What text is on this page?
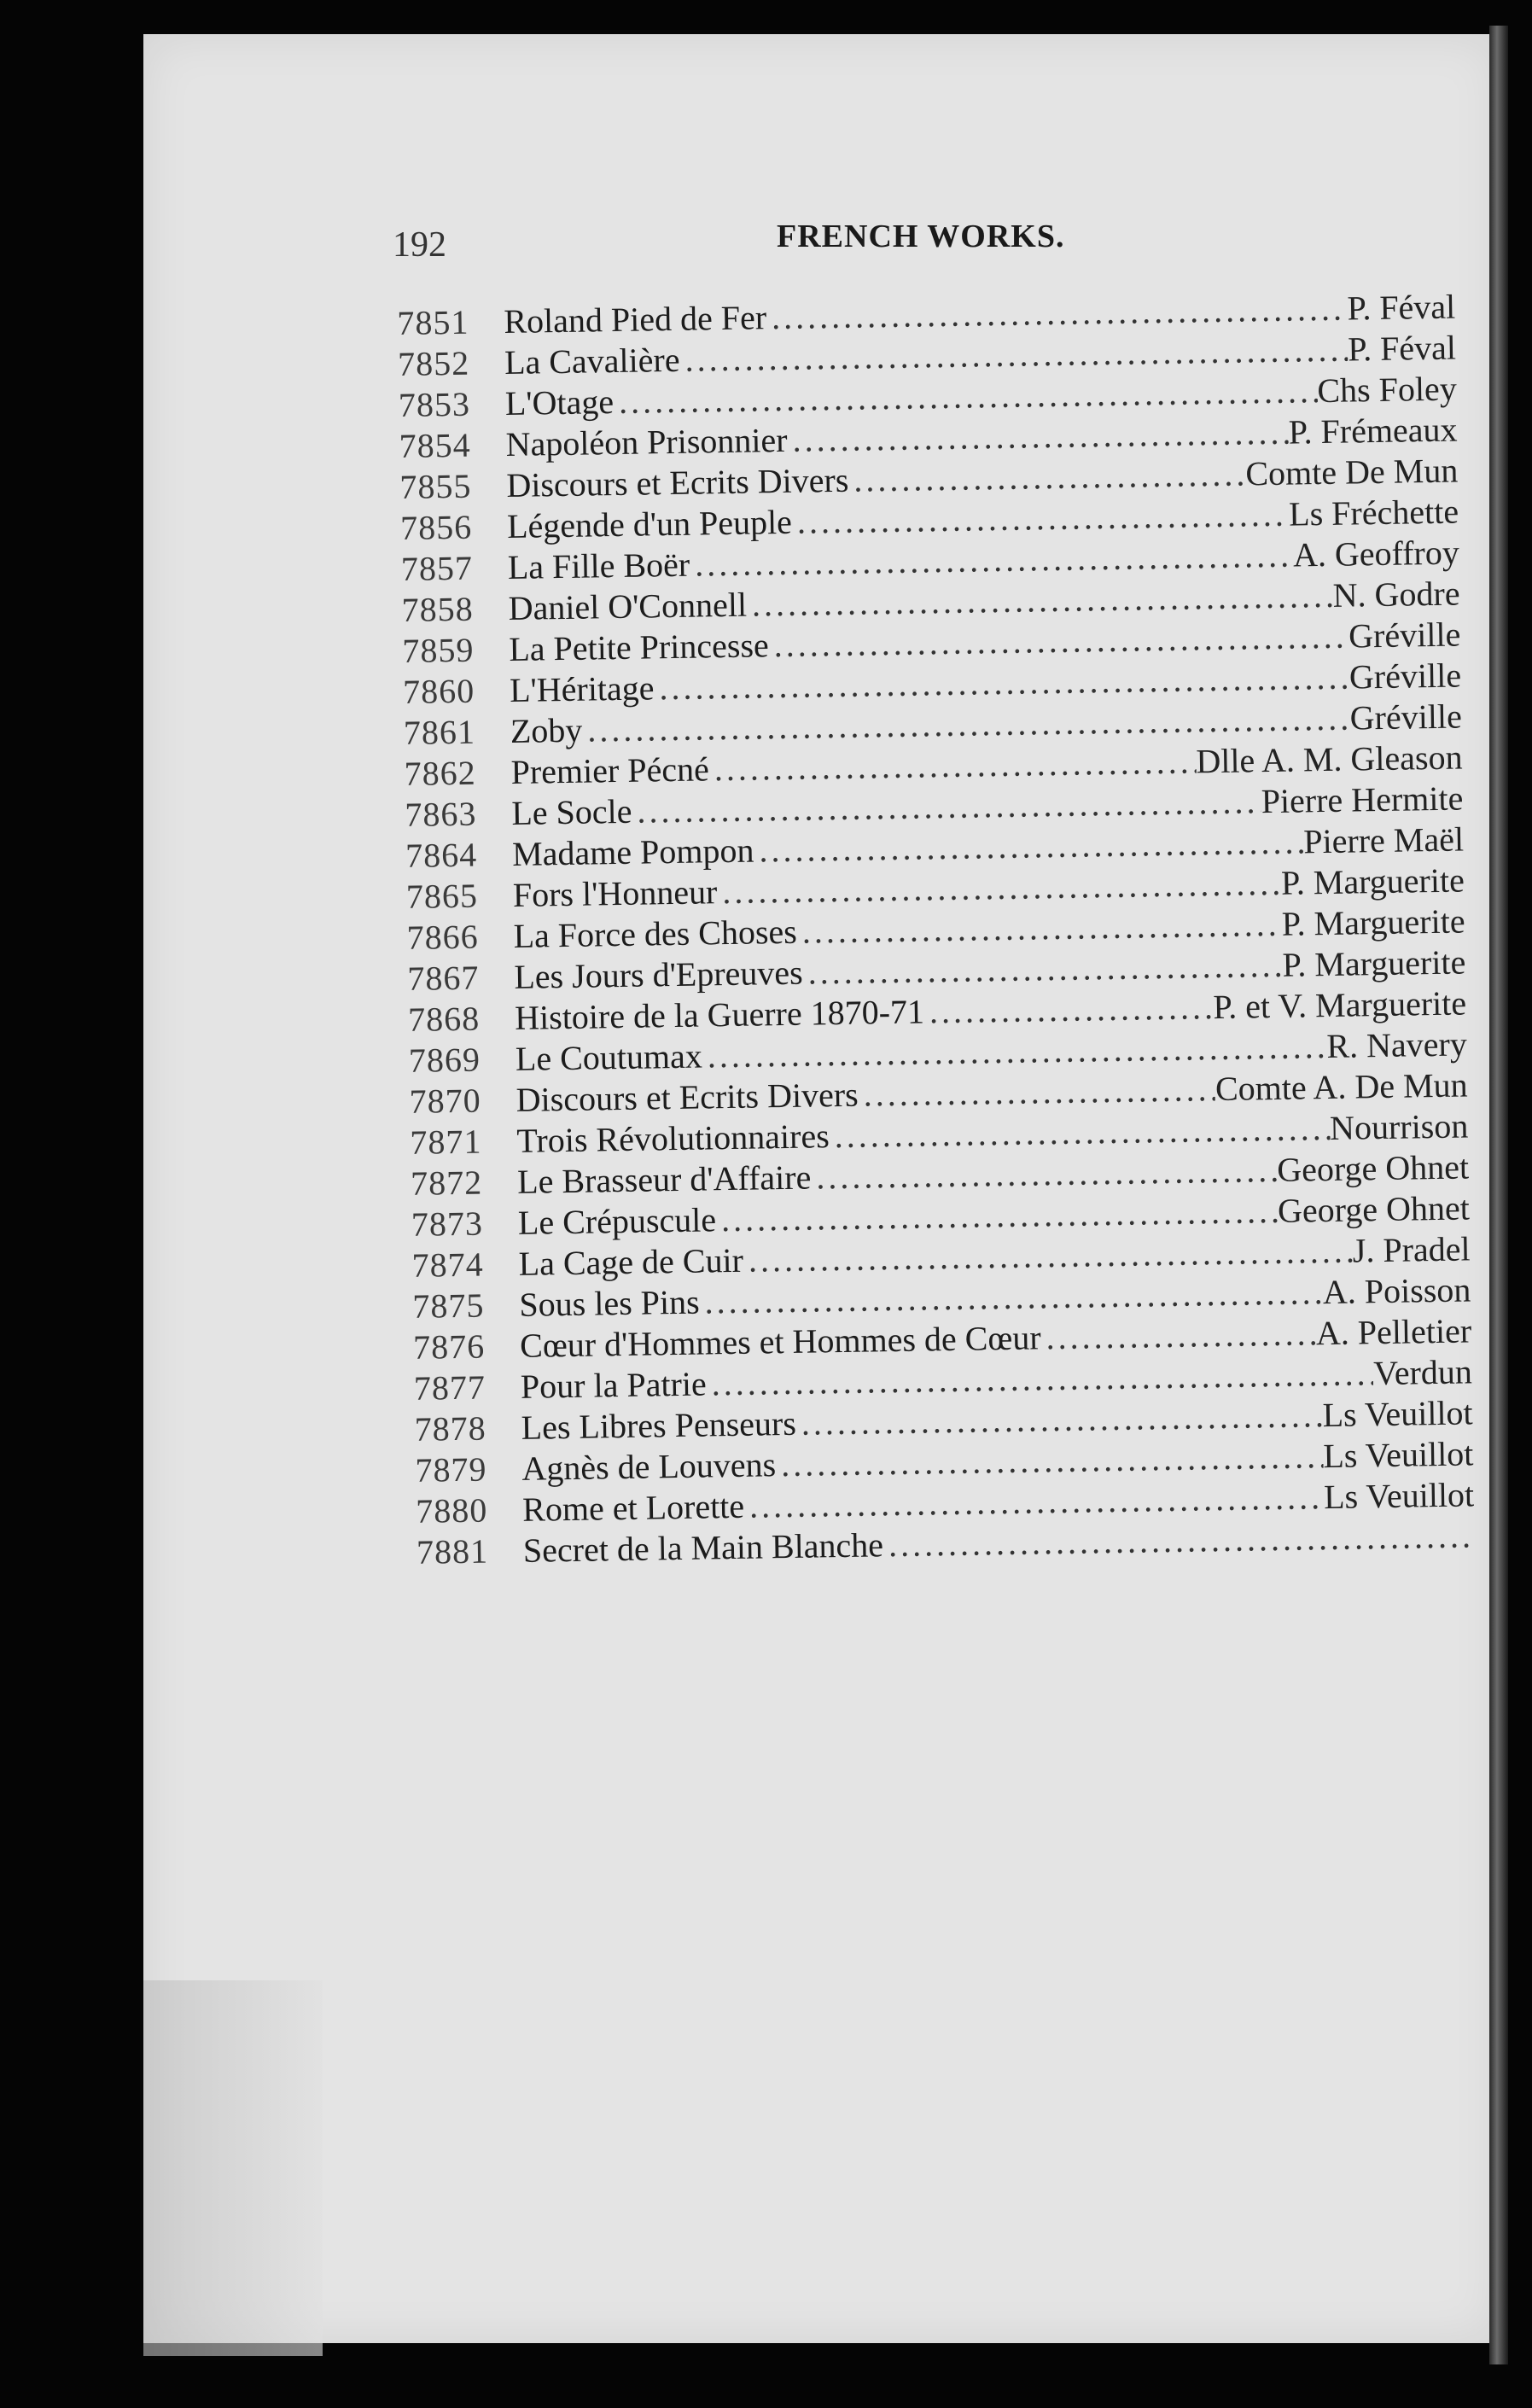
192	FRENCH WORKS.
7851	Roland Pied de Fer .....	P. Féval
7852	La Cavalière .....	P. Féval
7853	L'Otage .....	Chs Foley
7854	Napoléon Prisonnier .....	P. Frémeaux
7855	Discours et Ecrits Divers .....	Comte De Mun
7856	Légende d'un Peuple .....	Ls Fréchette
7857	La Fille Boër .....	A. Geoffroy
7858	Daniel O'Connell .....	N. Godre
7859	La Petite Princesse .....	Gréville
7860	L'Héritage .....	Gréville
7861	Zoby .....	Gréville
7862	Premier Pécné .....	Dlle A. M. Gleason
7863	Le Socle .....	Pierre Hermite
7864	Madame Pompon .....	Pierre Maël
7865	Fors l'Honneur .....	P. Marguerite
7866	La Force des Choses .....	P. Marguerite
7867	Les Jours d'Epreuves .....	P. Marguerite
7868	Histoire de la Guerre 1870-71 .....	P. et V. Marguerite
7869	Le Coutumax .....	R. Navery
7870	Discours et Ecrits Divers .....	Comte A. De Mun
7871	Trois Révolutionnaires .....	Nourrison
7872	Le Brasseur d'Affaire .....	George Ohnet
7873	Le Crépuscule .....	George Ohnet
7874	La Cage de Cuir .....	J. Pradel
7875	Sous les Pins .....	A. Poisson
7876	Cœur d'Hommes et Hommes de Cœur .....	A. Pelletier
7877	Pour la Patrie .....	Verdun
7878	Les Libres Penseurs .....	Ls Veuillot
7879	Agnès de Louvens .....	Ls Veuillot
7880	Rome et Lorette .....	Ls Veuillot
7881	Secret de la Main Blanche
.....
